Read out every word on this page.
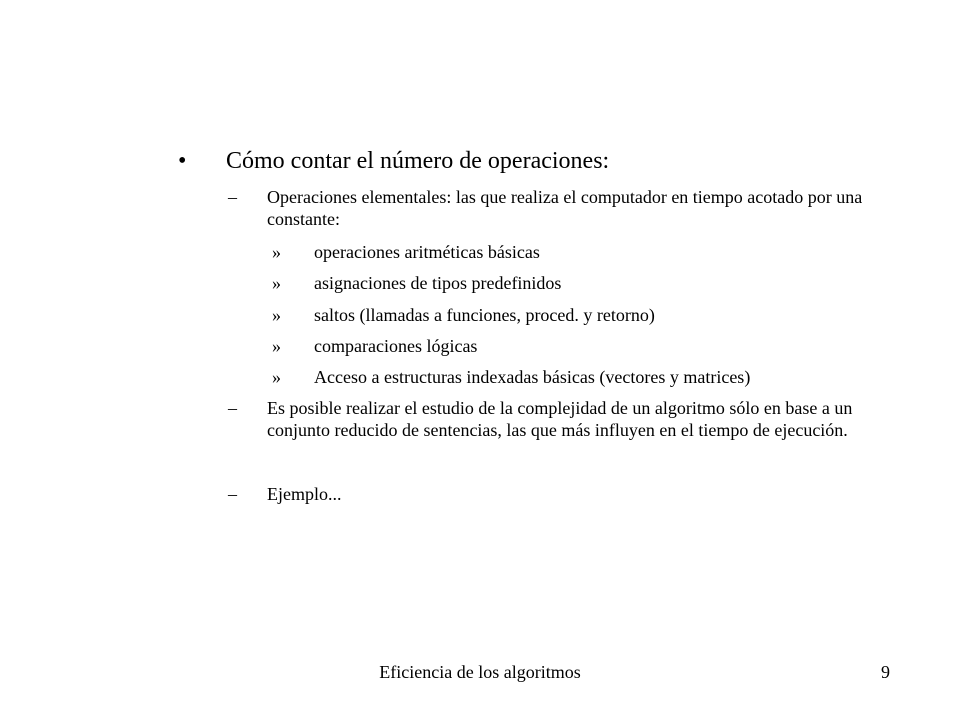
• Cómo contar el número de operaciones:
– Operaciones elementales: las que realiza el computador en tiempo acotado por una constante:
» operaciones aritméticas básicas
» asignaciones de tipos predefinidos
» saltos (llamadas a funciones, proced. y retorno)
» comparaciones lógicas
» Acceso a estructuras indexadas básicas (vectores y matrices)
– Es posible realizar el estudio de la complejidad de un algoritmo sólo en base a un conjunto reducido de sentencias, las que más influyen en el tiempo de ejecución.
– Ejemplo...
Eficiencia de los algoritmos	9
